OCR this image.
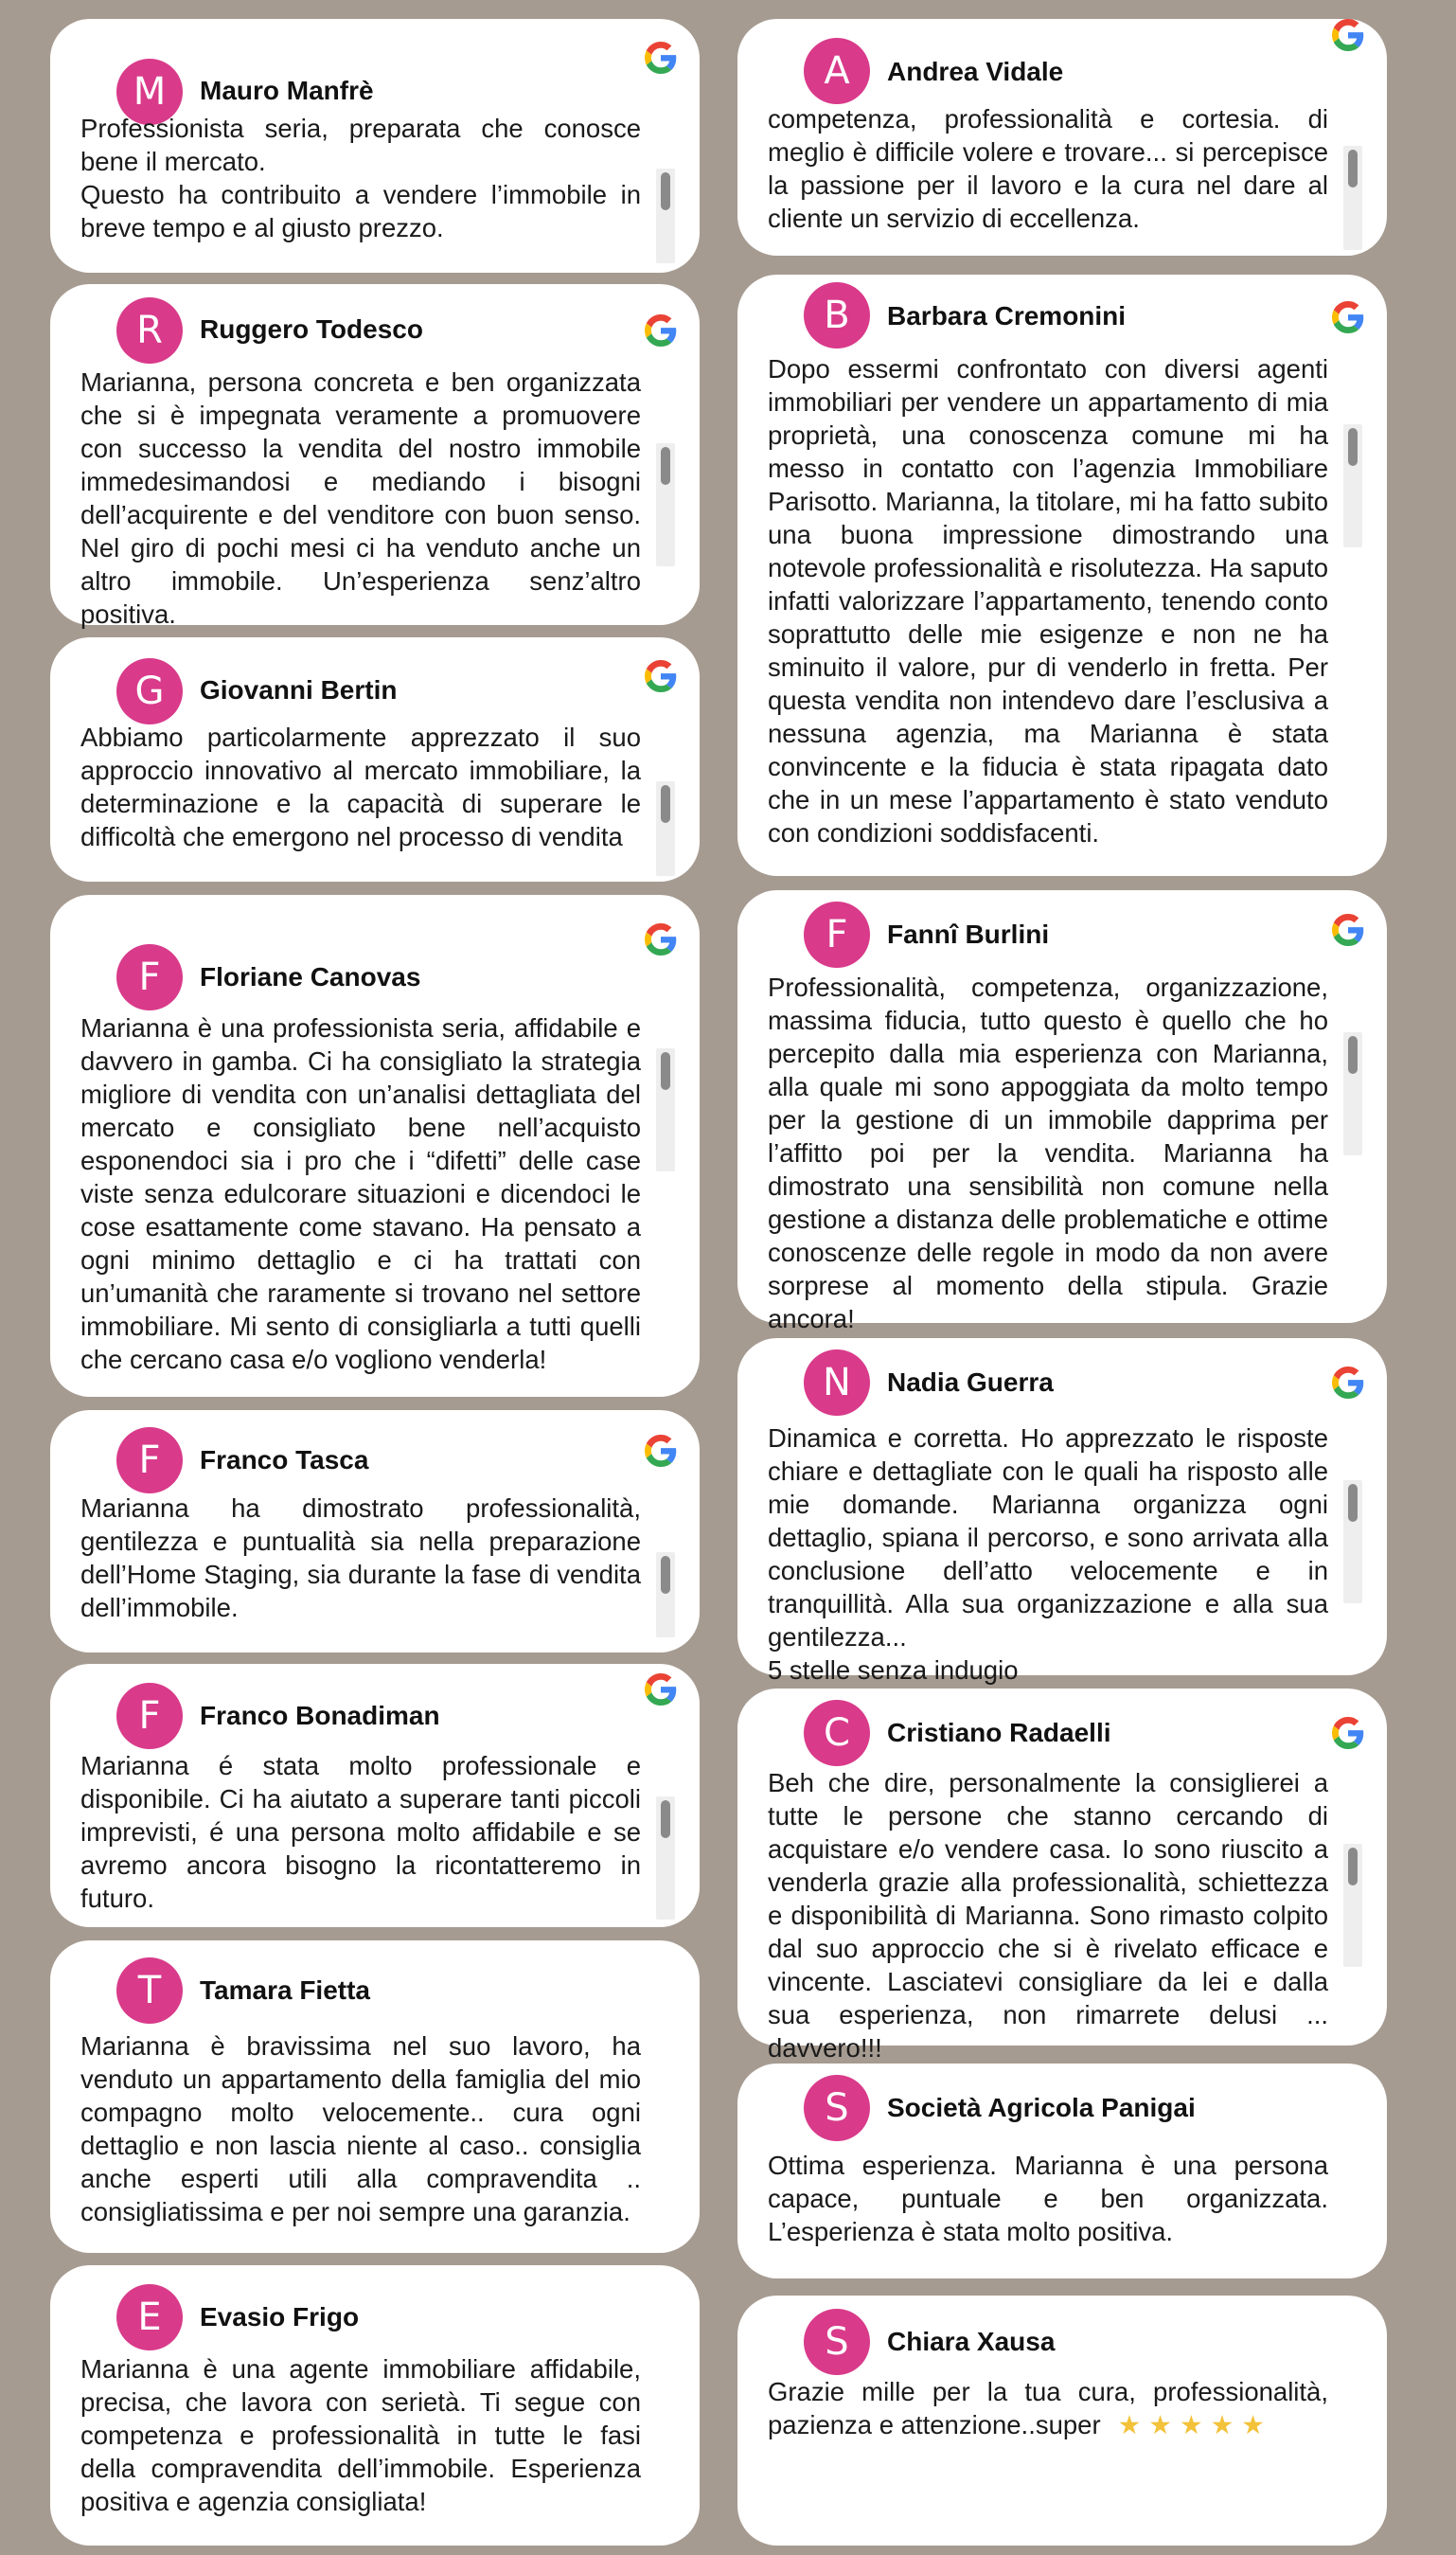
M	Mauro Manfrè

Professionista seria, preparata che conosce bene il mercato.
Questo ha contribuito a vendere l’immobile in breve tempo e al giusto prezzo.

R	Ruggero Todesco

Marianna, persona concreta e ben organizzata che si è impegnata veramente a promuovere con successo la vendita del nostro immobile immedesimandosi e mediando i bisogni dell’acquirente e del venditore con buon senso. Nel giro di pochi mesi ci ha venduto anche un altro immobile. Un’esperienza senz’altro positiva.

G	Giovanni Bertin

Abbiamo particolarmente apprezzato il suo approccio innovativo al mercato immobiliare, la determinazione e la capacità di superare le difficoltà che emergono nel processo di vendita

F	Floriane Canovas

Marianna è una professionista seria, affidabile e davvero in gamba. Ci ha consigliato la strategia migliore di vendita con un’analisi dettagliata del mercato e consigliato bene nell’acquisto esponendoci sia i pro che i “difetti” delle case viste senza edulcorare situazioni e dicendoci le cose esattamente come stavano. Ha pensato a ogni minimo dettaglio e ci ha trattati con un’umanità che raramente si trovano nel settore immobiliare. Mi sento di consigliarla a tutti quelli che cercano casa e/o vogliono venderla!

F	Franco Tasca

Marianna ha dimostrato professionalità, gentilezza e puntualità sia nella preparazione dell’Home Staging, sia durante la fase di vendita dell’immobile.

F	Franco Bonadiman

Marianna é stata molto professionale e disponibile. Ci ha aiutato a superare tanti piccoli imprevisti, é una persona molto affidabile e se avremo ancora bisogno la ricontatteremo in futuro.

T	Tamara Fietta

Marianna è bravissima nel suo lavoro, ha venduto un appartamento della famiglia del mio compagno molto velocemente.. cura ogni dettaglio e non lascia niente al caso.. consiglia anche esperti utili alla compravendita .. consigliatissima e per noi sempre una garanzia.

E	Evasio Frigo

Marianna è una agente immobiliare affidabile, precisa, che lavora con serietà. Ti segue con competenza e professionalità in tutte le fasi della compravendita dell’immobile. Esperienza positiva e agenzia consigliata!

A	Andrea Vidale

competenza, professionalità e cortesia. di meglio è difficile volere e trovare... si percepisce la passione per il lavoro e la cura nel dare al cliente un servizio di eccellenza.

B	Barbara Cremonini

Dopo essermi confrontato con diversi agenti immobiliari per vendere un appartamento di mia proprietà, una conoscenza comune mi ha messo in contatto con l’agenzia Immobiliare Parisotto. Marianna, la titolare, mi ha fatto subito una buona impressione dimostrando una notevole professionalità e risolutezza. Ha saputo infatti valorizzare l’appartamento, tenendo conto soprattutto delle mie esigenze e non ne ha sminuito il valore, pur di venderlo in fretta. Per questa vendita non intendevo dare l’esclusiva a nessuna agenzia, ma Marianna è stata convincente e la fiducia è stata ripagata dato che in un mese l’appartamento è stato venduto con condizioni soddisfacenti.

F	Fannî Burlini

Professionalità, competenza, organizzazione, massima fiducia, tutto questo è quello che ho percepito dalla mia esperienza con Marianna, alla quale mi sono appoggiata da molto tempo per la gestione di un immobile dapprima per l’affitto poi per la vendita. Marianna ha dimostrato una sensibilità non comune nella gestione a distanza delle problematiche e ottime conoscenze delle regole in modo da non avere sorprese al momento della stipula. Grazie ancora!

N	Nadia Guerra

Dinamica e corretta. Ho apprezzato le risposte chiare e dettagliate con le quali ha risposto alle mie domande. Marianna organizza ogni dettaglio, spiana il percorso, e sono arrivata alla conclusione dell’atto velocemente e in tranquillità. Alla sua organizzazione e alla sua gentilezza...
5 stelle senza indugio

C	Cristiano Radaelli

Beh che dire, personalmente la consiglierei a tutte le persone che stanno cercando di acquistare e/o vendere casa. Io sono riuscito a venderla grazie alla professionalità, schiettezza e disponibilità di Marianna. Sono rimasto colpito dal suo approccio che si è rivelato efficace e vincente. Lasciatevi consigliare da lei e dalla sua esperienza, non rimarrete delusi ... davvero!!!

S	Società Agricola Panigai

Ottima esperienza. Marianna è una persona capace, puntuale e ben organizzata. L’esperienza è stata molto positiva.

S	Chiara Xausa

Grazie mille per la tua cura, professionalità, pazienza e attenzione..super ★★★★★
